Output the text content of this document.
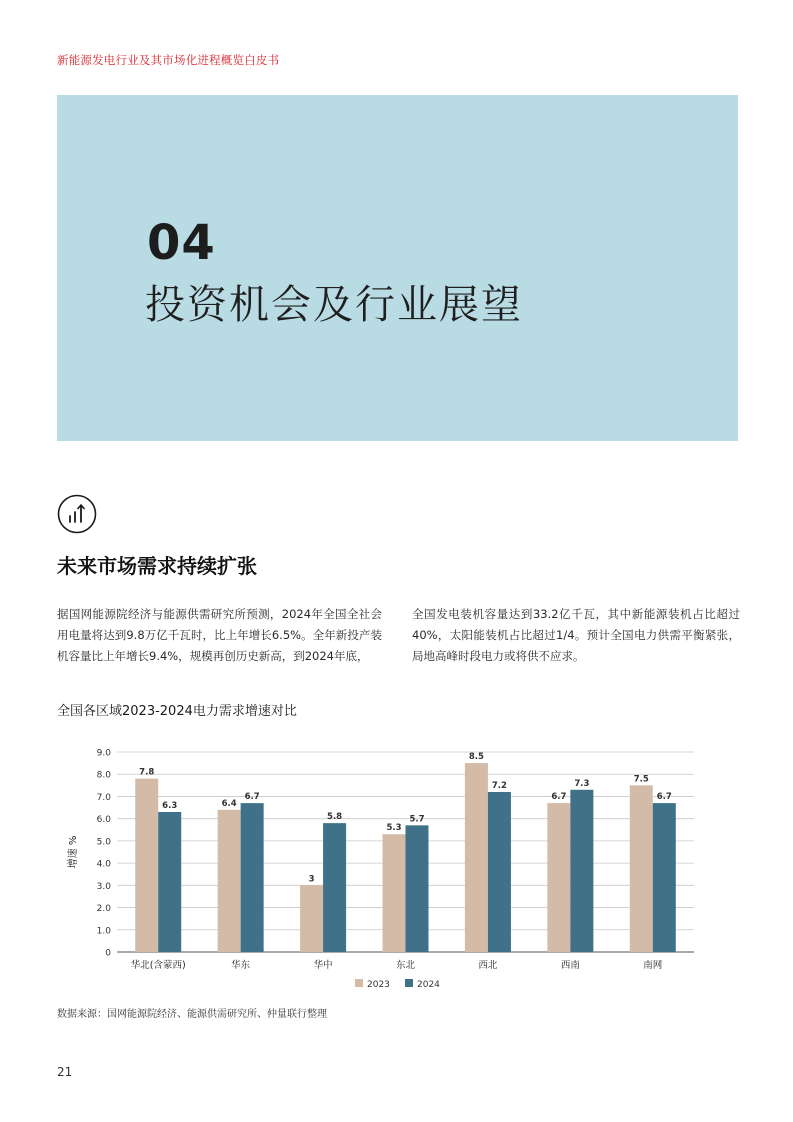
新能源发电行业及其市场化进程概览白皮书
04
投资机会及行业展望
未来市场需求持续扩张
据国网能源院经济与能源供需研究所预测，2024年全国全社会用电量将达到9.8万亿千瓦时，比上年增长6.5%。全年新投产装机容量比上年增长9.4%，规模再创历史新高，到2024年底，
全国发电装机容量达到33.2亿千瓦，其中新能源装机占比超过40%，太阳能装机占比超过1/4。预计全国电力供需平衡紧张，局地高峰时段电力或将供不应求。
全国各区域2023-2024电力需求增速对比
0
1.0
2.0
3.0
4.0
5.0
6.0
7.0
8.0
9.0
增速 %
7.8
6.3
华北(含蒙西)
6.4
6.7
华东
3
5.8
华中
5.3
5.7
东北
8.5
7.2
西北
6.7
7.3
西南
7.5
6.7
南网
2023	2024
数据来源：国网能源院经济、能源供需研究所、仲量联行整理
21
